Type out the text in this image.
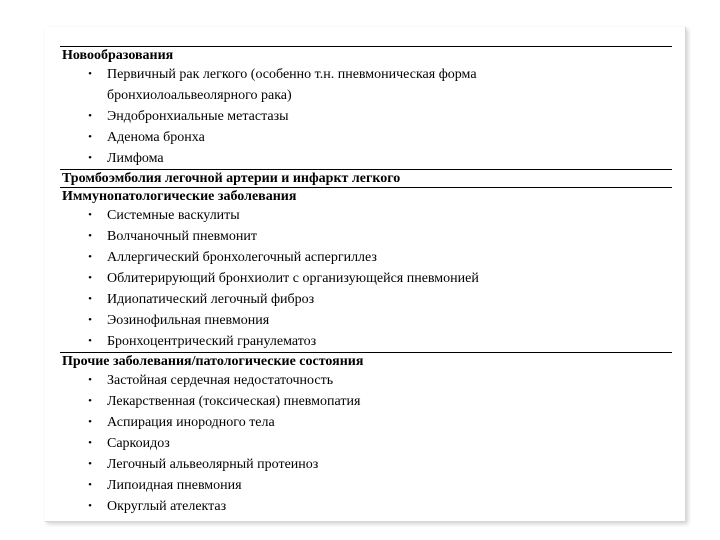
Новообразования
• Первичный рак легкого (особенно т.н. пневмоническая форма бронхиолоальвеолярного рака)
• Эндобронхиальные метастазы
• Аденома бронха
• Лимфома
Тромбоэмболия легочной артерии и инфаркт легкого
Иммунопатологические заболевания
• Системные васкулиты
• Волчаночный пневмонит
• Аллергический бронхолегочный аспергиллез
• Облитерирующий бронхиолит с организующейся пневмонией
• Идиопатический легочный фиброз
• Эозинофильная пневмония
• Бронхоцентрический гранулематоз
Прочие заболевания/патологические состояния
• Застойная сердечная недостаточность
• Лекарственная (токсическая) пневмопатия
• Аспирация инородного тела
• Саркоидоз
• Легочный альвеолярный протеиноз
• Липоидная пневмония
• Округлый ателектаз
